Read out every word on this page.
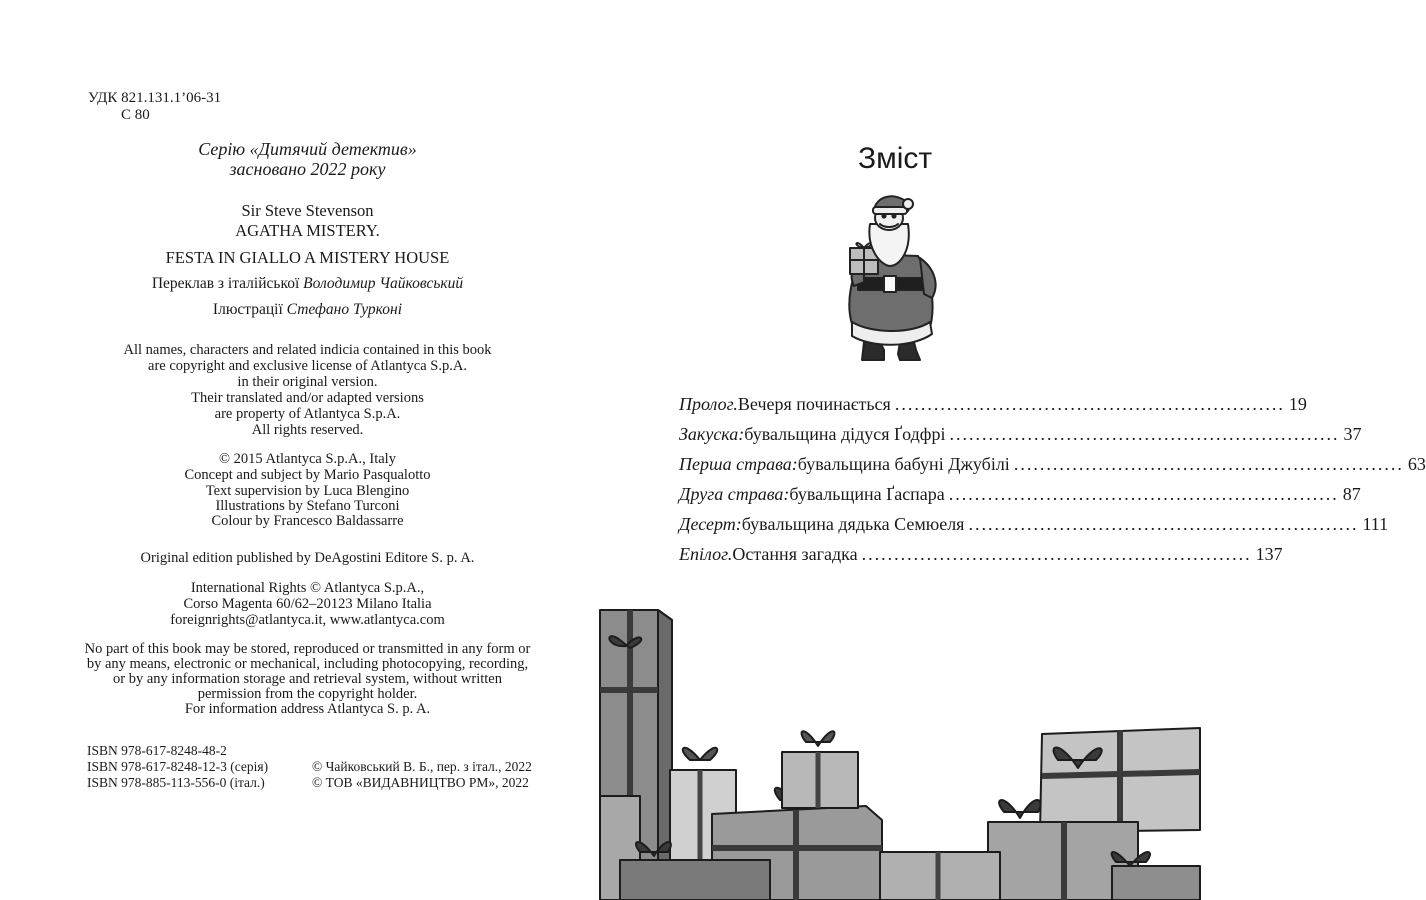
УДК 821.131.1’06-31
С 80
Серію «Дитячий детектив»
засновано 2022 року
Sir Steve Stevenson
AGATHA MISTERY.
FESTA IN GIALLO A MISTERY HOUSE
Переклав з італійської Володимир Чайковський
Ілюстрації Стефано Турконі
All names, characters and related indicia contained in this book
are copyright and exclusive license of Atlantyca S.p.A.
in their original version.
Their translated and/or adapted versions
are property of Atlantyca S.p.A.
All rights reserved.
© 2015 Atlantyca S.p.A., Italy
Concept and subject by Mario Pasqualotto
Text supervision by Luca Blengino
Illustrations by Stefano Turconi
Colour by Francesco Baldassarre
Original edition published by DeAgostini Editore S. p. A.
International Rights © Atlantyca S.p.A.,
Corso Magenta 60/62–20123 Milano Italia
foreignrights@atlantyca.it, www.atlantyca.com
No part of this book may be stored, reproduced or transmitted in any form or
by any means, electronic or mechanical, including photocopying, recording,
or by any information storage and retrieval system, without written
permission from the copyright holder.
For information address Atlantyca S. p. A.
ISBN 978-617-8248-48-2
ISBN 978-617-8248-12-3 (серія)
ISBN 978-885-113-556-0 (італ.)
© Чайковський В. Б., пер. з італ., 2022
© ТОВ «ВИДАВНИЦТВО РМ», 2022
Зміст
Пролог. Вечеря починається ............................................................ 19
Закуска: бувальщина дідуся Ґодфрі ............................................................ 37
Перша страва: бувальщина бабуні Джубілі ............................................................ 63
Друга страва: бувальщина Ґаспара ............................................................ 87
Десерт: бувальщина дядька Семюеля ............................................................ 111
Епілог. Остання загадка ............................................................ 137
